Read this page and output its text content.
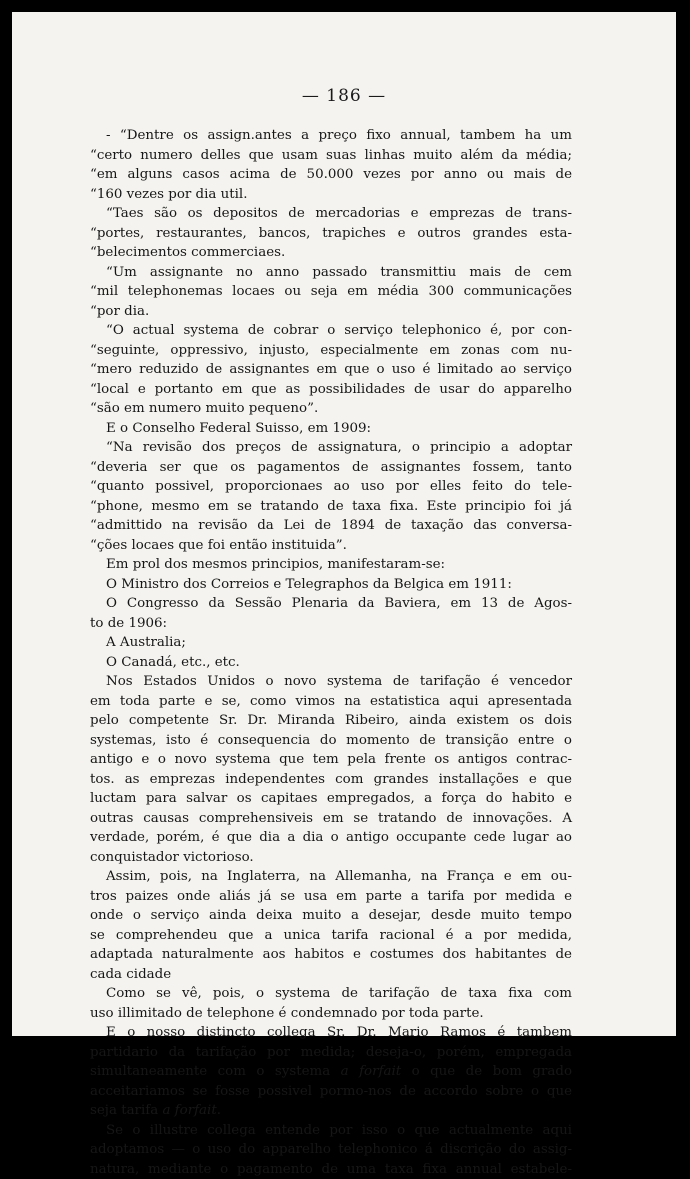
— 186 —
- “Dentre os assign.antes a preço fixo annual, tambem ha um
“certo numero delles que usam suas linhas muito além da média;
“em alguns casos acima de 50.000 vezes por anno ou mais de
“160 vezes por dia util.
“Taes são os depositos de mercadorias e emprezas de trans-
“portes, restaurantes, bancos, trapiches e outros grandes esta-
“belecimentos commerciaes.
“Um assignante no anno passado transmittiu mais de cem
“mil telephonemas locaes ou seja em média 300 communicações
“por dia.
“O actual systema de cobrar o serviço telephonico é, por con-
“seguinte, oppressivo, injusto, especialmente em zonas com nu-
“mero reduzido de assignantes em que o uso é limitado ao serviço
“local e portanto em que as possibilidades de usar do apparelho
“são em numero muito pequeno”.
E o Conselho Federal Suisso, em 1909:
“Na revisão dos preços de assignatura, o principio a adoptar
“deveria ser que os pagamentos de assignantes fossem, tanto
“quanto possivel, proporcionaes ao uso por elles feito do tele-
“phone, mesmo em se tratando de taxa fixa. Este principio foi já
“admittido na revisão da Lei de 1894 de taxação das conversa-
“ções locaes que foi então instituida”.
Em prol dos mesmos principios, manifestaram-se:
O Ministro dos Correios e Telegraphos da Belgica em 1911:
O Congresso da Sessão Plenaria da Baviera, em 13 de Agos-
to de 1906:
A Australia;
O Canadá, etc., etc.
Nos Estados Unidos o novo systema de tarifação é vencedor
em toda parte e se, como vimos na estatistica aqui apresentada
pelo competente Sr. Dr. Miranda Ribeiro, ainda existem os dois
systemas, isto é consequencia do momento de transição entre o
antigo e o novo systema que tem pela frente os antigos contrac-
tos. as emprezas independentes com grandes installações e que
luctam para salvar os capitaes empregados, a força do habito e
outras causas comprehensiveis em se tratando de innovações. A
verdade, porém, é que dia a dia o antigo occupante cede lugar ao
conquistador victorioso.
Assim, pois, na Inglaterra, na Allemanha, na França e em ou-
tros paizes onde aliás já se usa em parte a tarifa por medida e
onde o serviço ainda deixa muito a desejar, desde muito tempo
se comprehendeu que a unica tarifa racional é a por medida,
adaptada naturalmente aos habitos e costumes dos habitantes de
cada cidade
Como se vê, pois, o systema de tarifação de taxa fixa com
uso illimitado de telephone é condemnado por toda parte.
E o nosso distincto collega Sr. Dr. Mario Ramos é tambem
partidario da tarifação por medida; deseja-o, porém, empregada
simultaneamente com o systema a forfait o que de bom grado
acceitariamos se fosse possivel pormo-nos de accordo sobre o que
seja tarifa a forfait.
Se o illustre collega entende por isso o que actualmente aqui
adoptamos — o uso do apparelho telephonico á discrição do assig-
natura, mediante o pagamento de uma taxa fixa annual estabele-
